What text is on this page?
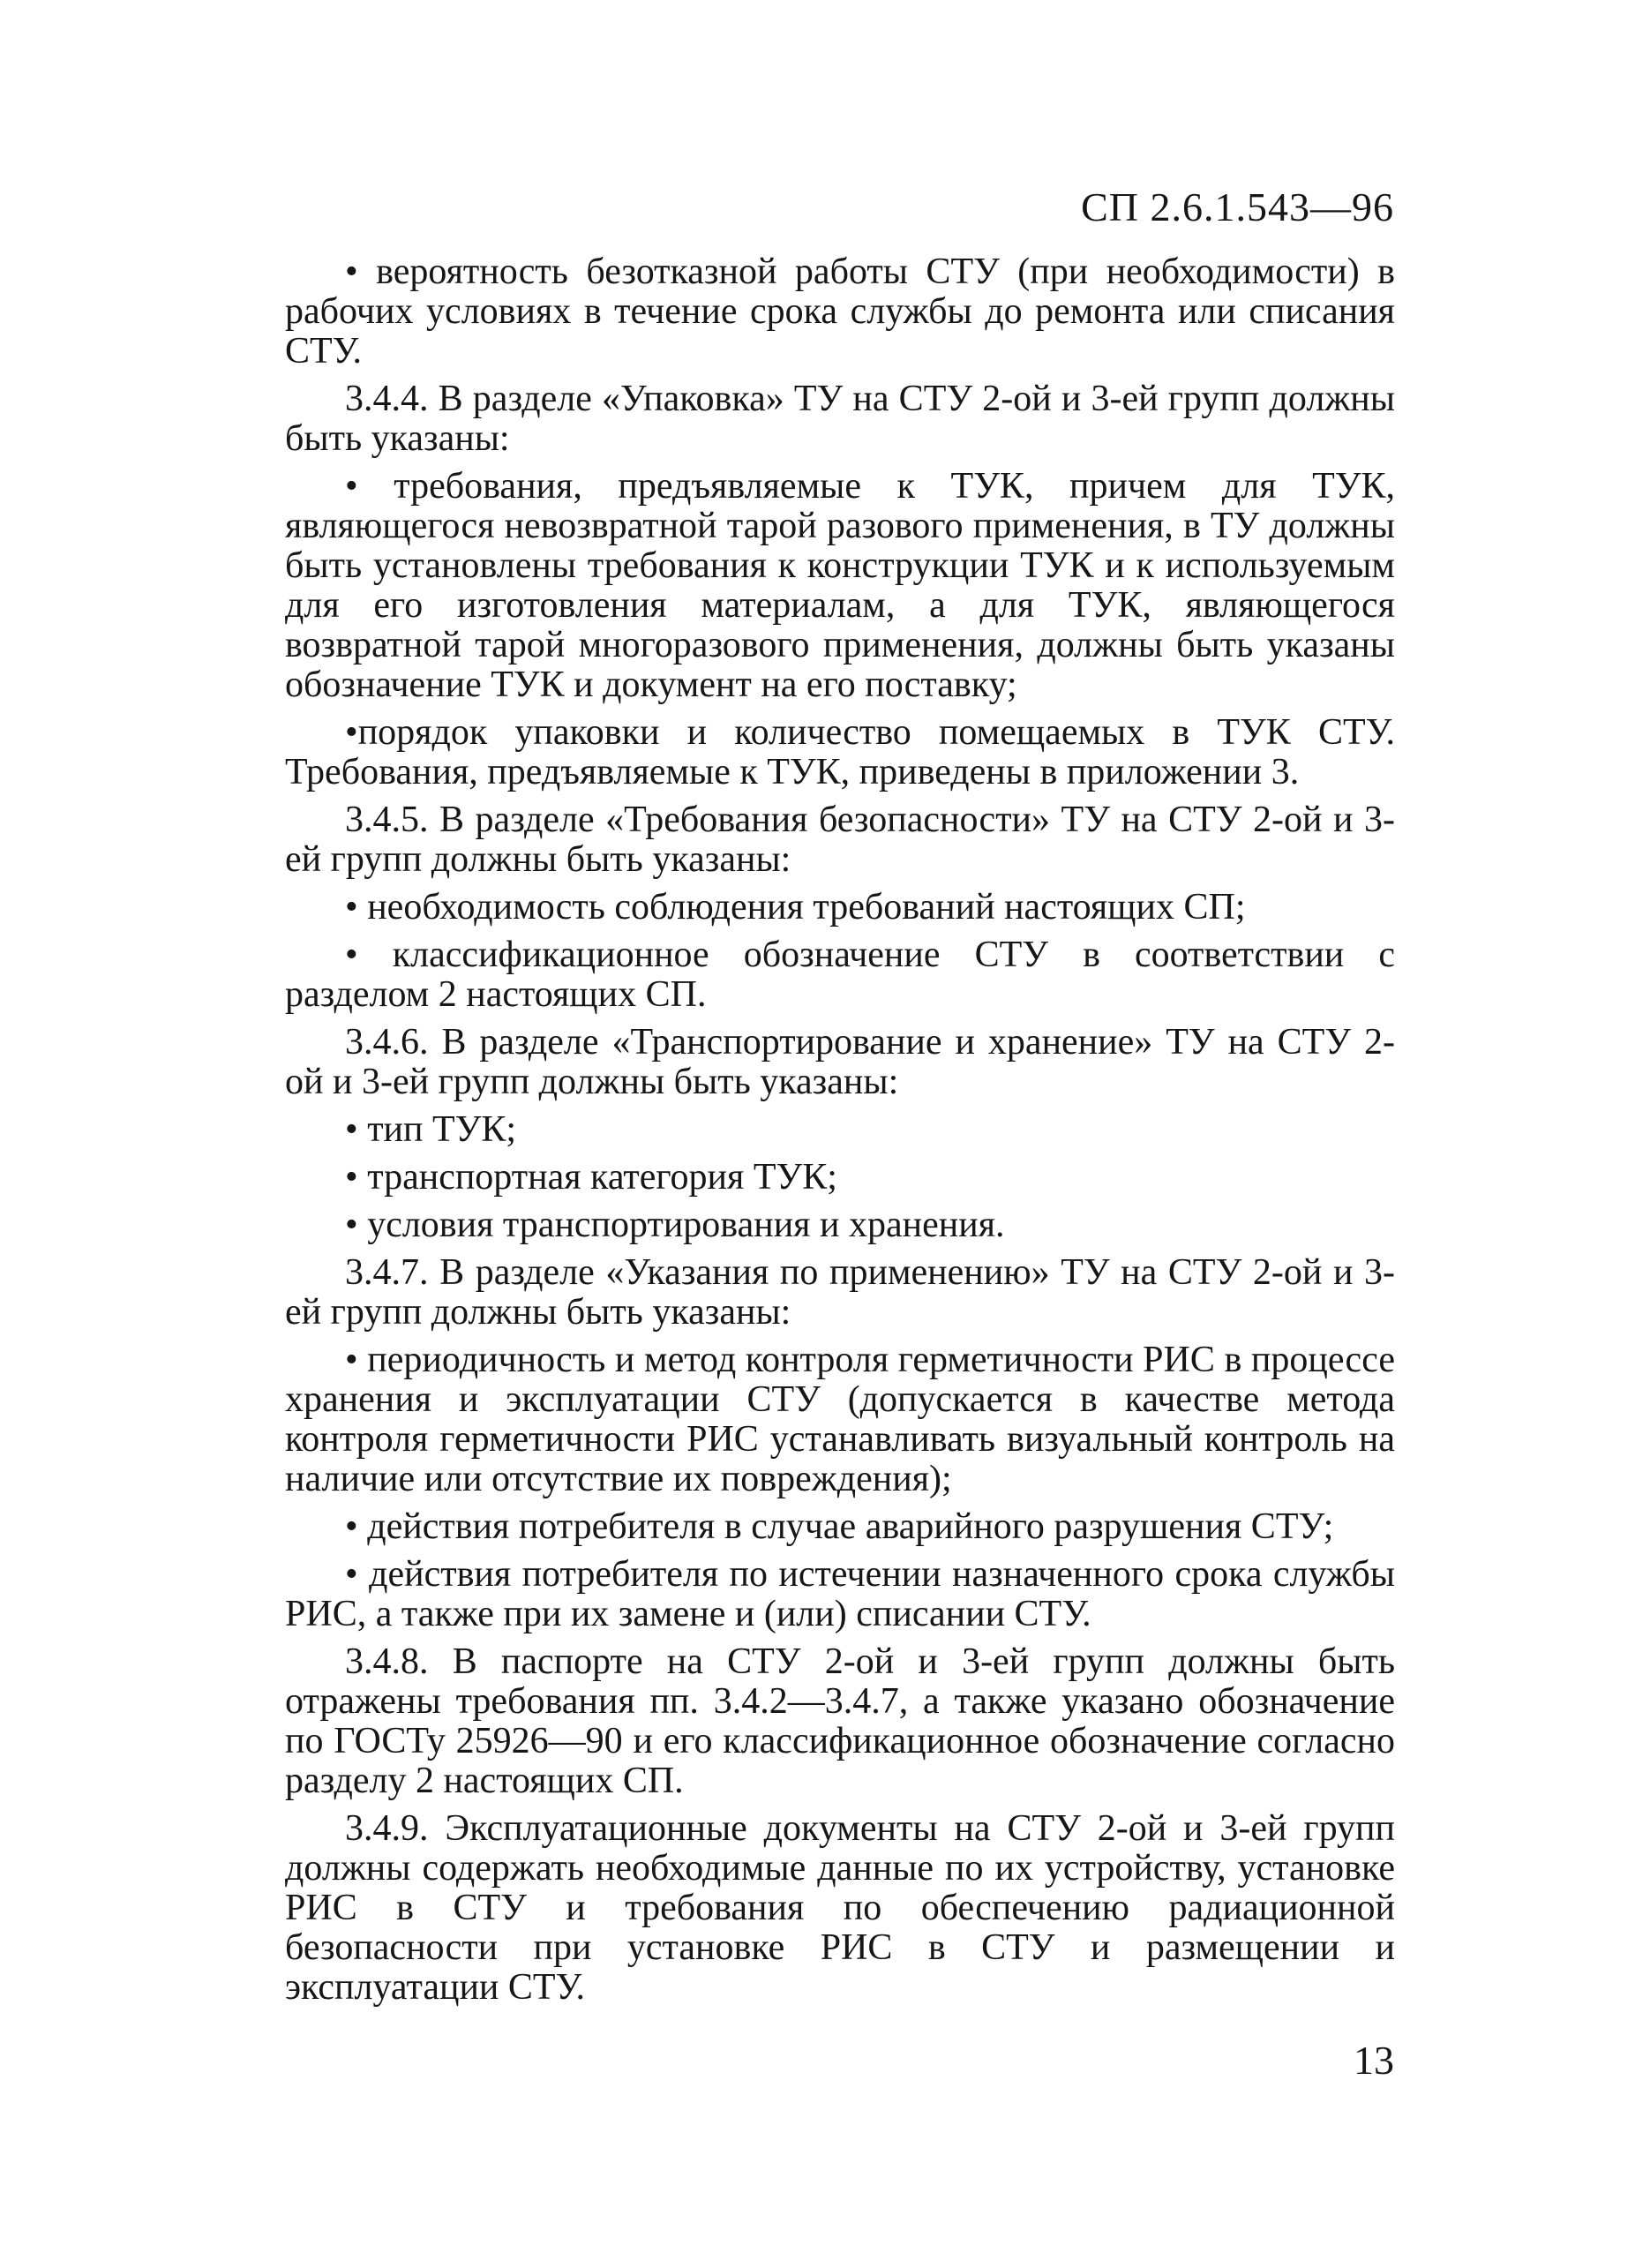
СП 2.6.1.543—96

• вероятность безотказной работы СТУ (при необходимости) в рабочих условиях в течение срока службы до ремонта или списания СТУ.

3.4.4. В разделе «Упаковка» ТУ на СТУ 2-ой и 3-ей групп должны быть указаны:

• требования, предъявляемые к ТУК, причем для ТУК, являющегося невозвратной тарой разового применения, в ТУ должны быть установлены требования к конструкции ТУК и к используемым для его изготовления материалам, а для ТУК, являющегося возвратной тарой многоразового применения, должны быть указаны обозначение ТУК и документ на его поставку;

•порядок упаковки и количество помещаемых в ТУК СТУ. Требования, предъявляемые к ТУК, приведены в приложении 3.

3.4.5. В разделе «Требования безопасности» ТУ на СТУ 2-ой и 3-ей групп должны быть указаны:

• необходимость соблюдения требований настоящих СП;

• классификационное обозначение СТУ в соответствии с разделом 2 настоящих СП.

3.4.6. В разделе «Транспортирование и хранение» ТУ на СТУ 2-ой и 3-ей групп должны быть указаны:

• тип ТУК;

• транспортная категория ТУК;

• условия транспортирования и хранения.

3.4.7. В разделе «Указания по применению» ТУ на СТУ 2-ой и 3-ей групп должны быть указаны:

• периодичность и метод контроля герметичности РИС в процессе хранения и эксплуатации СТУ (допускается в качестве метода контроля герметичности РИС устанавливать визуальный контроль на наличие или отсутствие их повреждения);

• действия потребителя в случае аварийного разрушения СТУ;

• действия потребителя по истечении назначенного срока службы РИС, а также при их замене и (или) списании СТУ.

3.4.8. В паспорте на СТУ 2-ой и 3-ей групп должны быть отражены требования пп. 3.4.2—3.4.7, а также указано обозначение по ГОСТу 25926—90 и его классификационное обозначение согласно разделу 2 настоящих СП.

3.4.9. Эксплуатационные документы на СТУ 2-ой и 3-ей групп должны содержать необходимые данные по их устройству, установке РИС в СТУ и требования по обеспечению радиационной безопасности при установке РИС в СТУ и размещении и эксплуатации СТУ.

13
